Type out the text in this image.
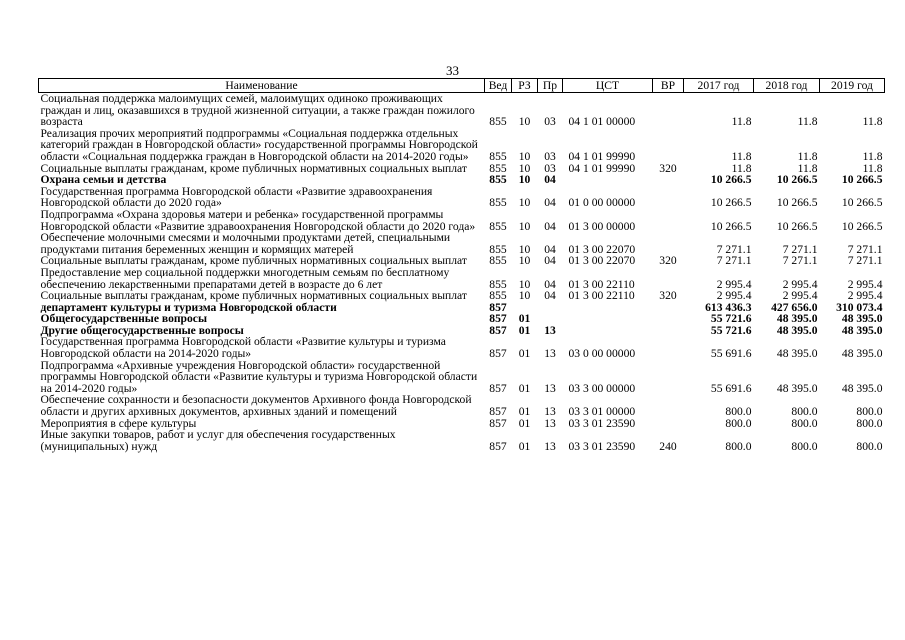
33
Наименование	Вед	РЗ	Пр	ЦСТ	ВР	2017 год	2018 год	2019 год
Социальная поддержка малоимущих семей, малоимущих одиноко проживающих граждан и лиц, оказавшихся в трудной жизненной ситуации, а также граждан пожилого возраста	855	10	03	04 1 01 00000		11.8	11.8	11.8
Реализация прочих мероприятий подпрограммы «Социальная поддержка отдельных категорий граждан в Новгородской области» государственной программы Новгородской области «Социальная поддержка граждан в Новгородской области на 2014-2020 годы»	855	10	03	04 1 01 99990		11.8	11.8	11.8
Социальные выплаты гражданам, кроме публичных нормативных социальных выплат	855	10	03	04 1 01 99990	320	11.8	11.8	11.8
Охрана семьи и детства	855	10	04			10 266.5	10 266.5	10 266.5
Государственная программа Новгородской области «Развитие здравоохранения Новгородской области до 2020 года»	855	10	04	01 0 00 00000		10 266.5	10 266.5	10 266.5
Подпрограмма «Охрана здоровья матери и ребенка» государственной программы Новгородской области «Развитие здравоохранения Новгородской области до 2020 года»	855	10	04	01 3 00 00000		10 266.5	10 266.5	10 266.5
Обеспечение молочными смесями и молочными продуктами детей, специальными продуктами питания беременных женщин и кормящих матерей	855	10	04	01 3 00 22070		7 271.1	7 271.1	7 271.1
Социальные выплаты гражданам, кроме публичных нормативных социальных выплат	855	10	04	01 3 00 22070	320	7 271.1	7 271.1	7 271.1
Предоставление мер социальной поддержки многодетным семьям по бесплатному обеспечению лекарственными препаратами детей в возрасте до 6 лет	855	10	04	01 3 00 22110		2 995.4	2 995.4	2 995.4
Социальные выплаты гражданам, кроме публичных нормативных социальных выплат	855	10	04	01 3 00 22110	320	2 995.4	2 995.4	2 995.4
департамент культуры и туризма Новгородской области	857					613 436.3	427 656.0	310 073.4
Общегосударственные вопросы	857	01				55 721.6	48 395.0	48 395.0
Другие общегосударственные вопросы	857	01	13			55 721.6	48 395.0	48 395.0
Государственная программа Новгородской области «Развитие культуры и туризма Новгородской области на 2014-2020 годы»	857	01	13	03 0 00 00000		55 691.6	48 395.0	48 395.0
Подпрограмма «Архивные учреждения Новгородской области» государственной программы Новгородской области «Развитие культуры и туризма Новгородской области на 2014-2020 годы»	857	01	13	03 3 00 00000		55 691.6	48 395.0	48 395.0
Обеспечение сохранности и безопасности документов Архивного фонда Новгородской области и других архивных документов, архивных зданий и помещений	857	01	13	03 3 01 00000		800.0	800.0	800.0
Мероприятия в сфере культуры	857	01	13	03 3 01 23590		800.0	800.0	800.0
Иные закупки товаров, работ и услуг для обеспечения государственных (муниципальных) нужд	857	01	13	03 3 01 23590	240	800.0	800.0	800.0
